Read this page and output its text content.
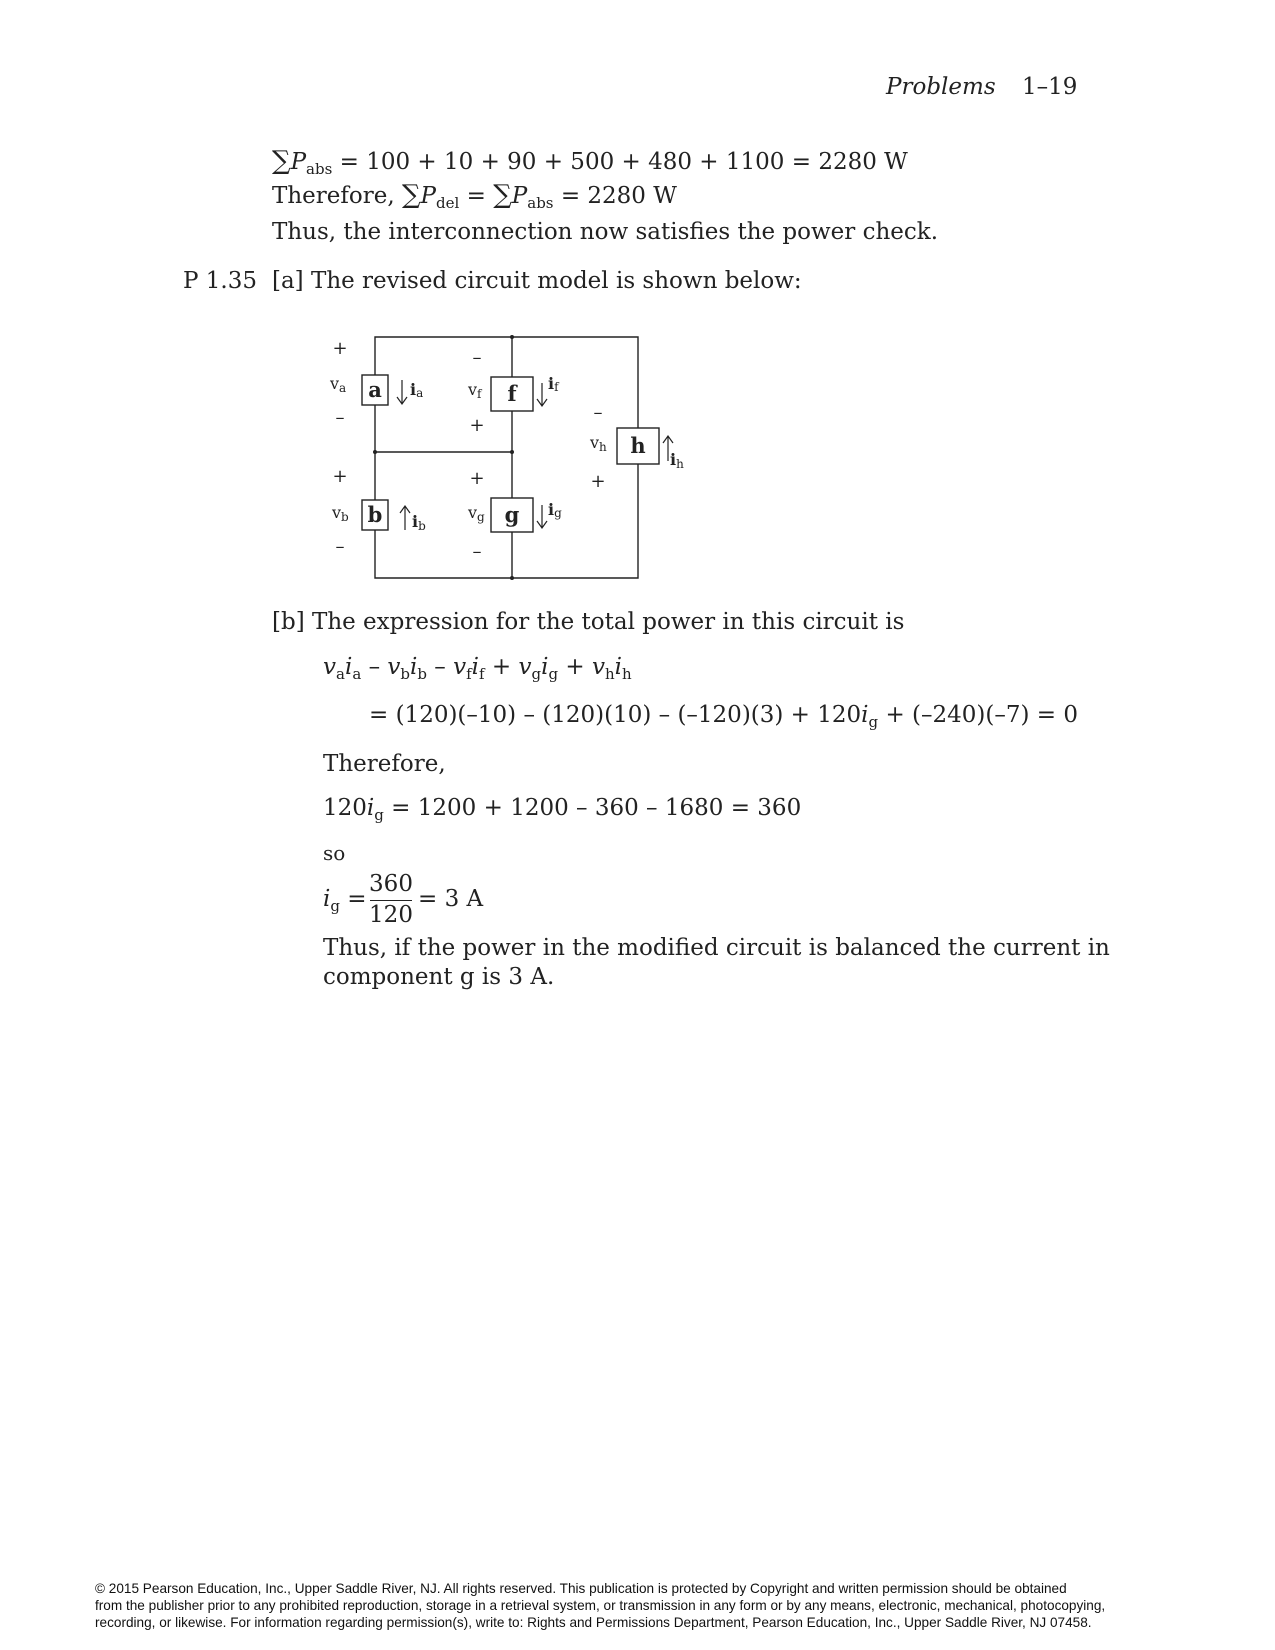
Problems 1–19
$\sum P_{abs} = 100 + 10 + 90 + 500 + 480 + 1100 = 2280$ W
Therefore, $\sum P_{del} = \sum P_{abs} = 2280$ W
Thus, the interconnection now satisfies the power check.
P 1.35 [a] The revised circuit model is shown below:
a
b
f
g
h
va
vb
vf
vg
vh
+
–
+
–
–
+
+
–
–
+
ia
ib
if
ig
ih
[b] The expression for the total power in this circuit is
$v_ai_a - v_bi_b - v_fi_f + v_gi_g + v_hi_h$
= $(120)(-10) - (120)(10) - (-120)(3) + 120i_g + (-240)(-7) = 0$
Therefore,
$120i_g = 1200 + 1200 - 360 - 1680 = 360$
so
$i_g$ =
360
120
= 3 A
Thus, if the power in the modified circuit is balanced the current in
component g is 3 A.
© 2015 Pearson Education, Inc., Upper Saddle River, NJ. All rights reserved. This publication is protected by Copyright and written permission should be obtained
from the publisher prior to any prohibited reproduction, storage in a retrieval system, or transmission in any form or by any means, electronic, mechanical, photocopying,
recording, or likewise. For information regarding permission(s), write to: Rights and Permissions Department, Pearson Education, Inc., Upper Saddle River, NJ 07458.
